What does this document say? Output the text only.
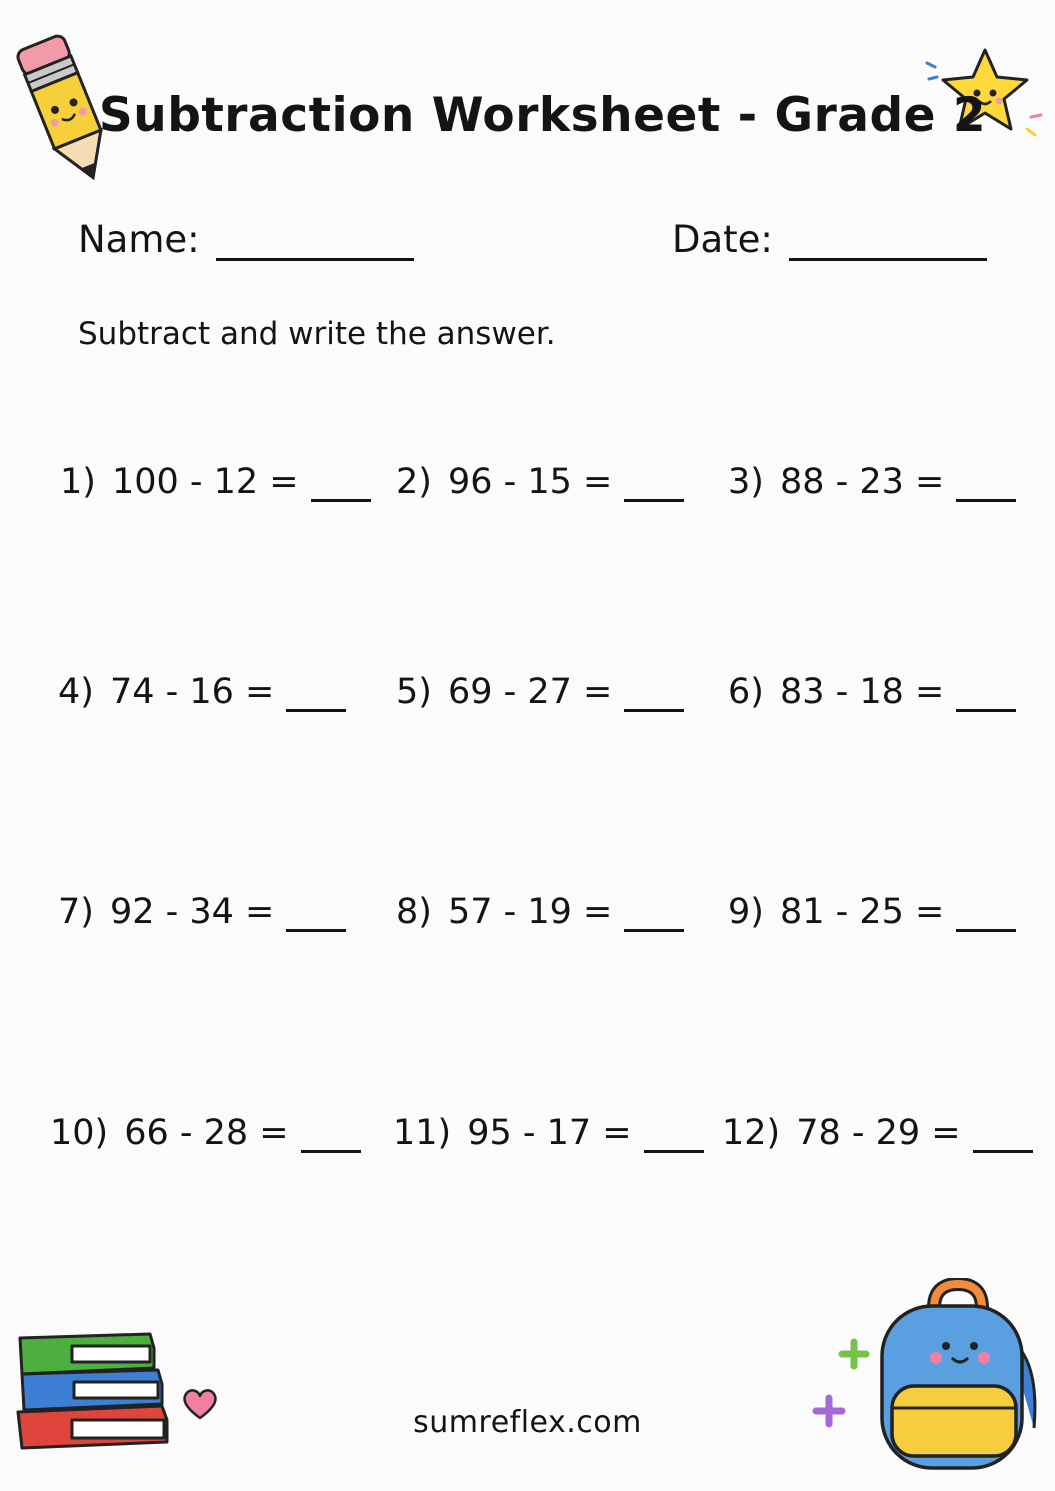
Subtraction Worksheet - Grade 2
Name:	Date:
Subtract and write the answer.
1) 100 - 12 =	2) 96 - 15 =	3) 88 - 23 =
4) 74 - 16 =	5) 69 - 27 =	6) 83 - 18 =
7) 92 - 34 =	8) 57 - 19 =	9) 81 - 25 =
10) 66 - 28 =	11) 95 - 17 =	12) 78 - 29 =
sumreflex.com
